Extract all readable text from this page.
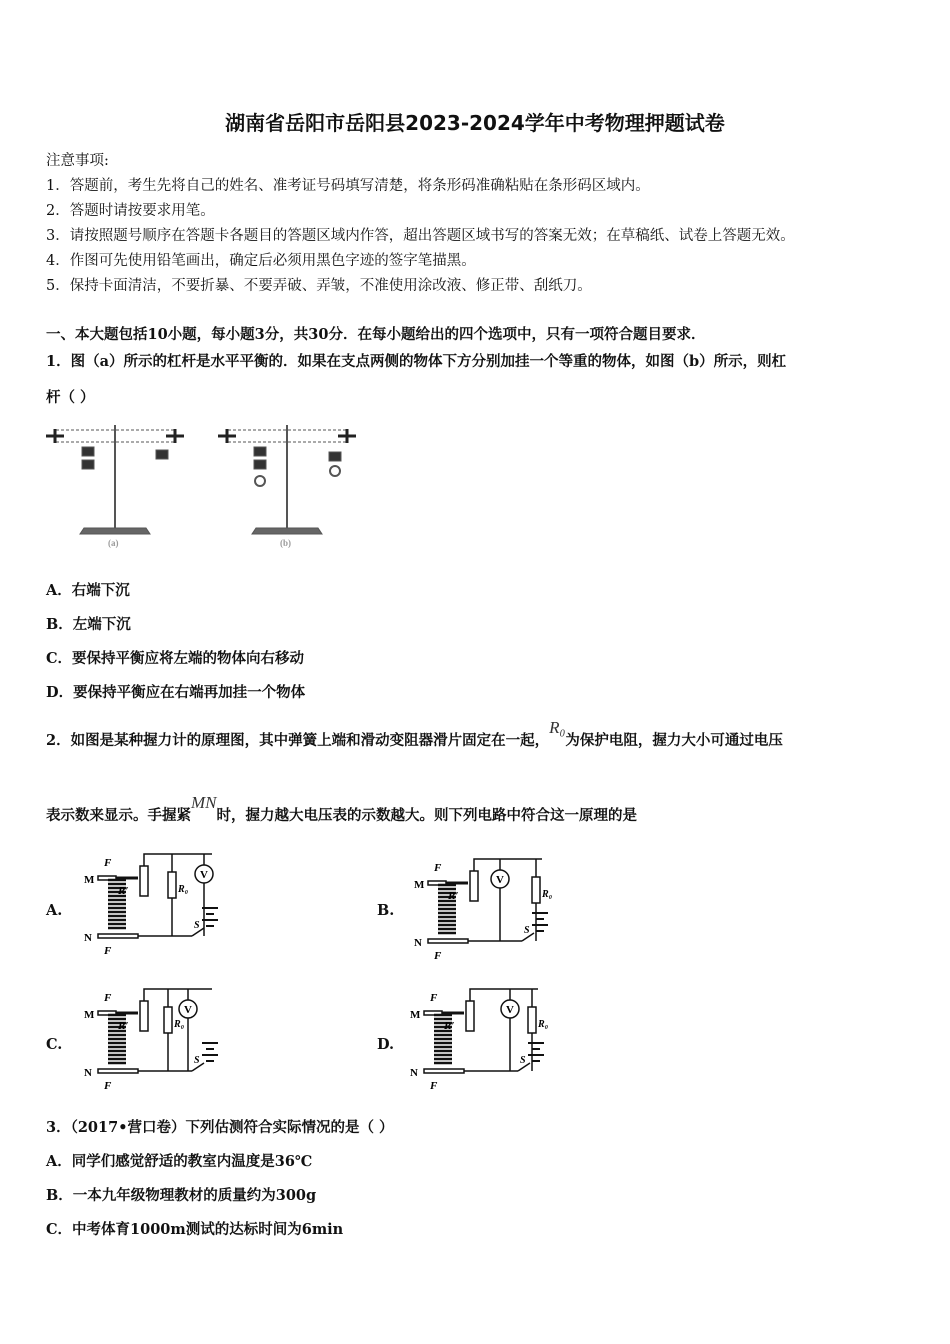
湖南省岳阳市岳阳县2023-2024学年中考物理押题试卷
注意事项:
1．答题前，考生先将自己的姓名、准考证号码填写清楚，将条形码准确粘贴在条形码区域内。
2．答题时请按要求用笔。
3．请按照题号顺序在答题卡各题目的答题区域内作答，超出答题区域书写的答案无效；在草稿纸、试卷上答题无效。
4．作图可先使用铅笔画出，确定后必须用黑色字迹的签字笔描黑。
5．保持卡面清洁，不要折暴、不要弄破、弄皱，不准使用涂改液、修正带、刮纸刀。
一、本大题包括10小题，每小题3分，共30分．在每小题给出的四个选项中，只有一项符合题目要求．
1．图（a）所示的杠杆是水平平衡的．如果在支点两侧的物体下方分别加挂一个等重的物体，如图（b）所示，则杠
杆（ ）
(a)	(b)
A．右端下沉
B．左端下沉
C．要保持平衡应将左端的物体向右移动
D．要保持平衡应在右端再加挂一个物体
2．如图是某种握力计的原理图，其中弹簧上端和滑动变阻器滑片固定在一起，R₀为保护电阻，握力大小可通过电压
表示数来显示。手握紧MN时，握力越大电压表的示数越大。则下列电路中符合这一原理的是
A.	B.
C.	D.
F
F
M
N
R′	R₀
V
S
F
F
M
N
R′	R₀
V
S
F
F
M
N
R′	R₀
V
S
F
F
M
N
R′	R₀
V
S
3．（2017•营口卷）下列估测符合实际情况的是（ ）
A．同学们感觉舒适的教室内温度是36℃
B．一本九年级物理教材的质量约为300g
C．中考体育1000m测试的达标时间为6min
